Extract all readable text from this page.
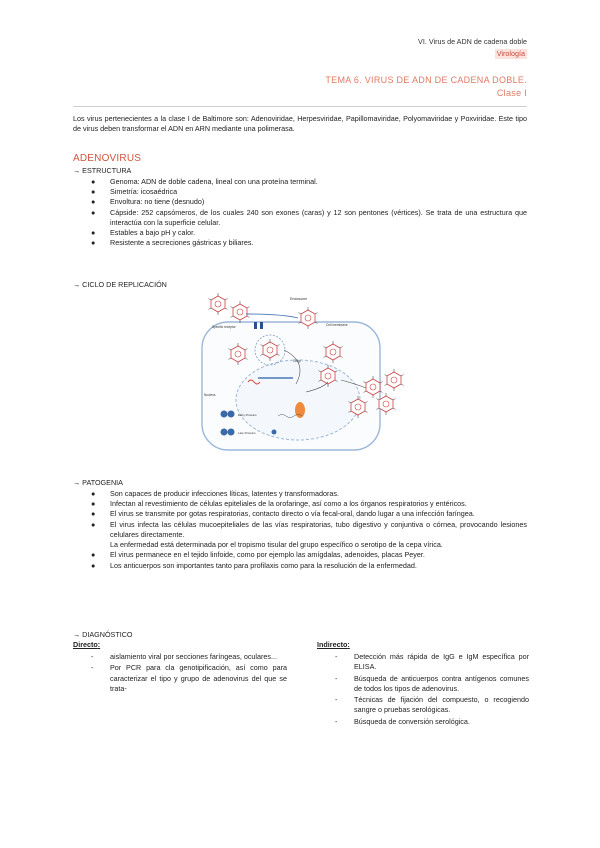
VI. Virus de ADN de cadena doble
Virología
TEMA 6. VIRUS DE ADN DE CADENA DOBLE.
Clase I

Los virus pertenecientes a la clase I de Baltimore son: Adenoviridae, Herpesviridae, Papillomaviridae, Polyomaviridae y Poxviridae. Este tipo de virus deben transformar el ADN en ARN mediante una polimerasa.

ADENOVIRUS
→ ESTRUCTURA
● Genoma: ADN de doble cadena, lineal con una proteína terminal.
● Simetría: icosaédrica
● Envoltura: no tiene (desnudo)
● Cápside: 252 capsómeros, de los cuales 240 son exones (caras) y 12 son pentones (vértices). Se trata de una estructura que interactúa con la superficie celular.
● Estables a bajo pH y calor.
● Resistente a secreciones gástricas y biliares.
→ CICLO DE REPLICACIÓN
Endosome
Specific receptor
Golgi
Cell membrane
Nucleus
Early Proteins
Late Proteins
→ PATOGENIA
● Son capaces de producir infecciones líticas, latentes y transformadoras.
● Infectan al revestimiento de células epiteliales de la orofaringe, así como a los órganos respiratorios y entéricos.
● El virus se transmite por gotas respiratorias, contacto directo o vía fecal-oral, dando lugar a una infección faríngea.
● El virus infecta las células mucoepiteliales de las vías respiratorias, tubo digestivo y conjuntiva o córnea, provocando lesiones celulares directamente.
La enfermedad está determinada por el tropismo tisular del grupo específico o serotipo de la cepa vírica.
● El virus permanece en el tejido linfoide, como por ejemplo las amígdalas, adenoides, placas Peyer.
● Los anticuerpos son importantes tanto para profilaxis como para la resolución de la enfermedad.
→ DIAGNÓSTICO
Directo:
- aislamiento viral por secciones faríngeas, oculares...
- Por PCR para cla genotipificación, así como para caracterizar el tipo y grupo de adenovirus del que se trata-
Indirecto:
- Detección más rápida de IgG e IgM específica por ELISA.
- Búsqueda de anticuerpos contra antígenos comunes de todos los tipos de adenovirus.
- Técnicas de fijación del compuesto, o recogiendo sangre o pruebas serológicas.
- Búsqueda de conversión serológica.
